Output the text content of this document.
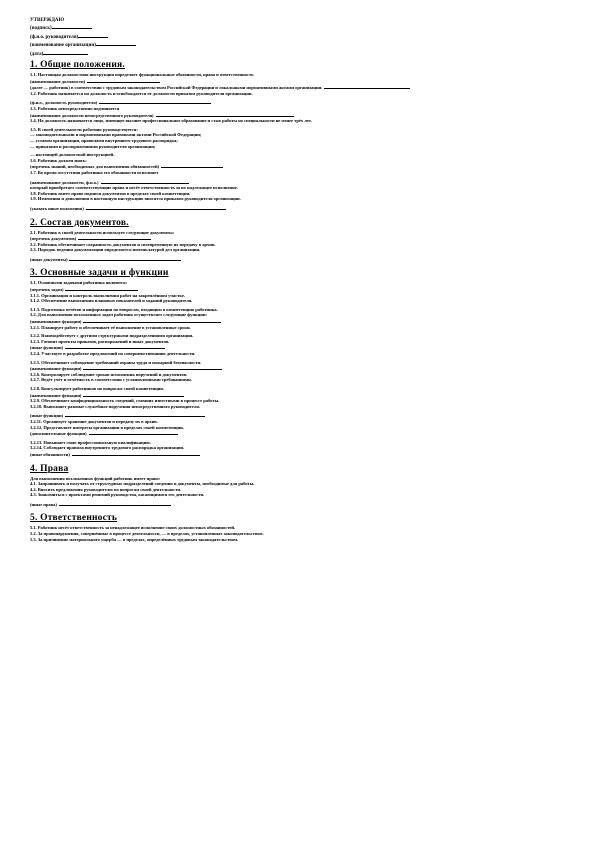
УТВЕРЖДАЮ
(подпись)
(ф.и.о. руководителя)
(наименование организации)
(дата)
1. Общие положения.
1.1. Настоящая должностная инструкция определяет функциональные обязанности, права и ответственность
(наименование должности)
(далее — работник) в соответствии с трудовым законодательством Российской Федерации и локальными нормативными актами организации.
1.2. Работник назначается на должность и освобождается от должности приказом руководителя организации.
(ф.и.о., должность руководителя)
1.3. Работник непосредственно подчиняется
(наименование должности непосредственного руководителя)
1.4. На должность назначается лицо, имеющее высшее профессиональное образование и стаж работы по специальности не менее трёх лет.
1.5. В своей деятельности работник руководствуется:
— законодательными и нормативными правовыми актами Российской Федерации;
— уставом организации, правилами внутреннего трудового распорядка;
— приказами и распоряжениями руководителя организации;
— настоящей должностной инструкцией.
1.6. Работник должен знать:
(перечень знаний, необходимых для выполнения обязанностей)
1.7. Во время отсутствия работника его обязанности исполняет
(наименование должности, ф.и.о.)
который приобретает соответствующие права и несёт ответственность за их надлежащее исполнение.
1.8. Работник имеет право подписи документов в пределах своей компетенции.
1.9. Изменения и дополнения в настоящую инструкцию вносятся приказом руководителя организации.
(указать иные положения)
2. Состав документов.
2.1. Работник в своей деятельности использует следующие документы:
(перечень документов)
2.2. Работник обеспечивает сохранность документов и своевременную их передачу в архив.
2.3. Порядок ведения документации определяется номенклатурой дел организации.
(иные документы)
3. Основные задачи и функции
3.1. Основными задачами работника являются:
(перечень задач)
3.1.1. Организация и контроль выполнения работ на закреплённом участке.
3.1.2. Обеспечение выполнения плановых показателей и заданий руководителя.
3.1.3. Подготовка отчётов и информации по вопросам, входящим в компетенцию работника.
3.2. Для выполнения возложенных задач работник осуществляет следующие функции:
(наименование функции)
3.2.1. Планирует работу и обеспечивает её выполнение в установленные сроки.
3.2.2. Взаимодействует с другими структурными подразделениями организации.
3.2.3. Готовит проекты приказов, распоряжений и иных документов.
(иные функции)
3.2.4. Участвует в разработке предложений по совершенствованию деятельности.
3.2.5. Обеспечивает соблюдение требований охраны труда и пожарной безопасности.
(наименование функции)
3.2.6. Контролирует соблюдение сроков исполнения поручений и документов.
3.2.7. Ведёт учёт и отчётность в соответствии с установленными требованиями.
3.2.8. Консультирует работников по вопросам своей компетенции.
(наименование функции)
3.2.9. Обеспечивает конфиденциальность сведений, ставших известными в процессе работы.
3.2.10. Выполняет разовые служебные поручения непосредственного руководителя.
(иные функции)
3.2.11. Организует хранение документов и передачу их в архив.
3.2.12. Представляет интересы организации в пределах своей компетенции.
(дополнительные функции)
3.2.13. Повышает свою профессиональную квалификацию.
3.2.14. Соблюдает правила внутреннего трудового распорядка организации.
(иные обязанности)
4. Права
Для выполнения возложенных функций работник имеет право:
4.1. Запрашивать и получать от структурных подразделений сведения и документы, необходимые для работы.
4.2. Вносить предложения руководителю по вопросам своей деятельности.
4.3. Знакомиться с проектами решений руководства, касающимися его деятельности.
(иные права)
5. Ответственность
5.1. Работник несёт ответственность за ненадлежащее исполнение своих должностных обязанностей.
5.2. За правонарушения, совершённые в процессе деятельности, — в пределах, установленных законодательством.
5.3. За причинение материального ущерба — в пределах, определённых трудовым законодательством.
